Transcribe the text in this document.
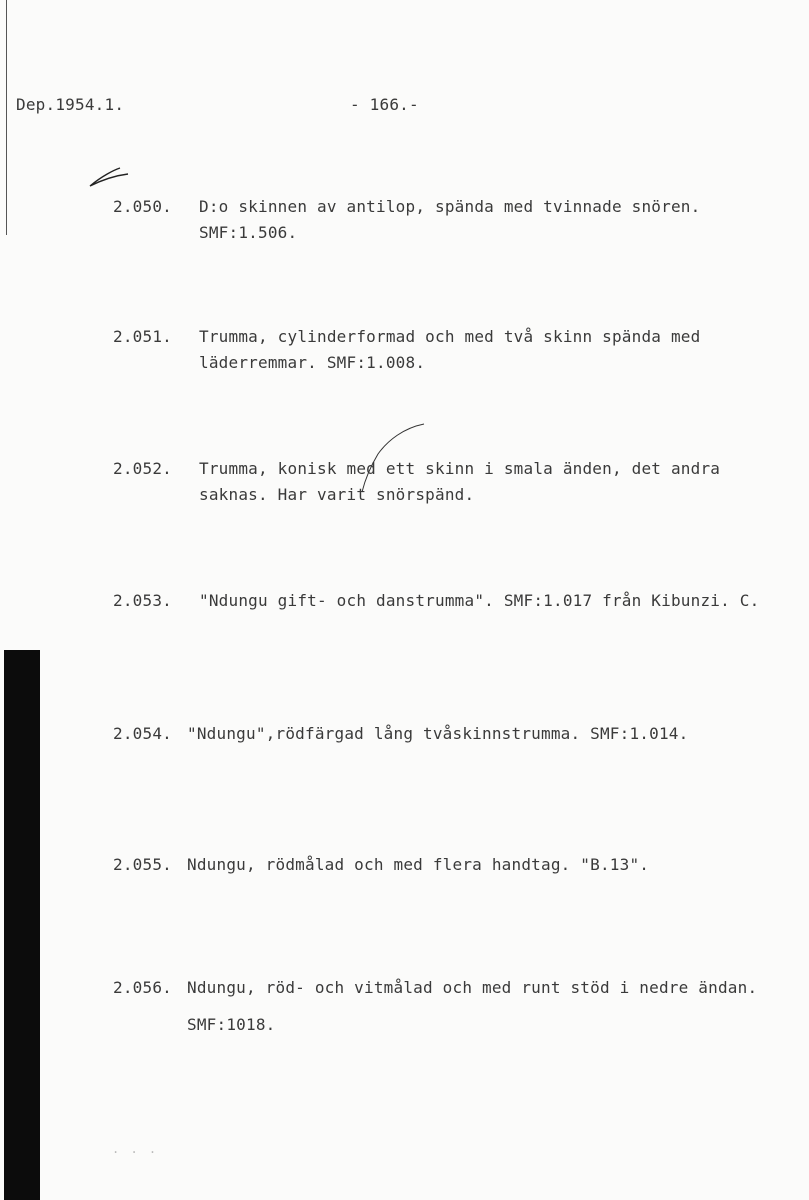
Dep.1954.1.	- 166.-
2.050. D:o skinnen av antilop, spända med tvinnade snören.
SMF:1.506.
2.051. Trumma, cylinderformad och med två skinn spända med
läderremmar. SMF:1.008.
2.052. Trumma, konisk med ett skinn i smala änden, det andra
saknas. Har varit snörspänd.
2.053. "Ndungu gift- och danstrumma". SMF:1.017 från Kibunzi. C.
2.054. "Ndungu",rödfärgad lång tvåskinnstrumma. SMF:1.014.
2.055. Ndungu, rödmålad och med flera handtag. "B.13".
2.056. Ndungu, röd- och vitmålad och med runt stöd i nedre ändan.
SMF:1018.
. . .
